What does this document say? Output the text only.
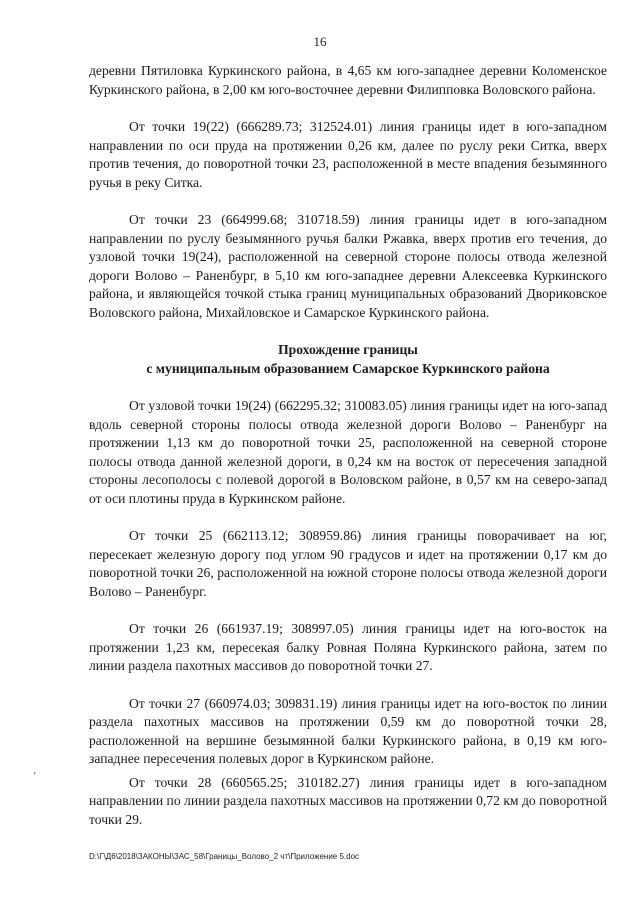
16

деревни Пятиловка Куркинского района, в 4,65 км юго-западнее деревни Коломенское Куркинского района, в 2,00 км юго-восточнее деревни Филипповка Воловского района.

От точки 19(22) (666289.73; 312524.01) линия границы идет в юго-западном направлении по оси пруда на протяжении 0,26 км, далее по руслу реки Ситка, вверх против течения, до поворотной точки 23, расположенной в месте впадения безымянного ручья в реку Ситка.

От точки 23 (664999.68; 310718.59) линия границы идет в юго-западном направлении по руслу безымянного ручья балки Ржавка, вверх против его течения, до узловой точки 19(24), расположенной на северной стороне полосы отвода железной дороги Волово – Раненбург, в 5,10 км юго-западнее деревни Алексеевка Куркинского района, и являющейся точкой стыка границ муниципальных образований Двориковское Воловского района, Михайловское и Самарское Куркинского района.

Прохождение границы
с муниципальным образованием Самарское Куркинского района

От узловой точки 19(24) (662295.32; 310083.05) линия границы идет на юго-запад вдоль северной стороны полосы отвода железной дороги Волово – Раненбург на протяжении 1,13 км до поворотной точки 25, расположенной на северной стороне полосы отвода данной железной дороги, в 0,24 км на восток от пересечения западной стороны лесополосы с полевой дорогой в Воловском районе, в 0,57 км на северо-запад от оси плотины пруда в Куркинском районе.

От точки 25 (662113.12; 308959.86) линия границы поворачивает на юг, пересекает железную дорогу под углом 90 градусов и идет на протяжении 0,17 км до поворотной точки 26, расположенной на южной стороне полосы отвода железной дороги Волово – Раненбург.

От точки 26 (661937.19; 308997.05) линия границы идет на юго-восток на протяжении 1,23 км, пересекая балку Ровная Поляна Куркинского района, затем по линии раздела пахотных массивов до поворотной точки 27.

От точки 27 (660974.03; 309831.19) линия границы идет на юго-восток по линии раздела пахотных массивов на протяжении 0,59 км до поворотной точки 28, расположенной на вершине безымянной балки Куркинского района, в 0,19 км юго-западнее пересечения полевых дорог в Куркинском районе.

От точки 28 (660565.25; 310182.27) линия границы идет в юго-западном направлении по линии раздела пахотных массивов на протяжении 0,72 км до поворотной точки 29.

’
D:\Г\Д6\2018\ЗАКОНЫ\ЗАС_58\Границы_Волово_2 чт\Приложение 5.doc
